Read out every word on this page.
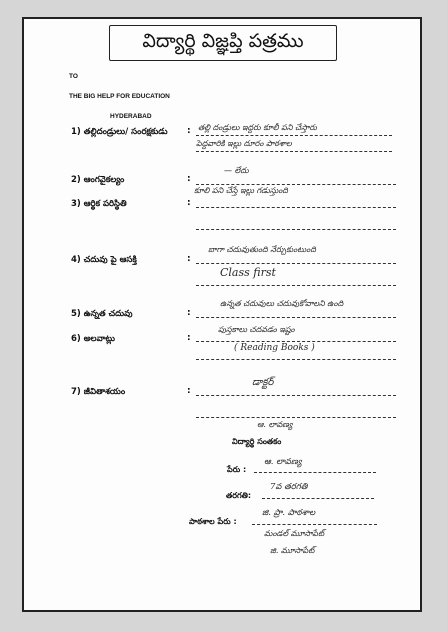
విద్యార్థి విజ్ఞప్తి పత్రము
TO
THE BIG HELP FOR EDUCATION
HYDERABAD
1) తల్లిదండ్రులు/ సంరక్షకుడు : తల్లి దండ్రులు ఇద్దరు కూలీ పని చేస్తారు
పెద్దవారికి ఇల్లు దూరం పాఠశాల
2) ఆంగవైకల్యం	:
— లేదు
3) ఆర్థిక పరిస్థితి	:
కూలి పని చేస్తే ఇల్లు గడుస్తుంది
4) చదువు పై ఆసక్తి	:
బాగా చదువుతుంది నేర్చుకుంటుంది
Class first
5) ఉన్నత చదువు	:
ఉన్నత చదువులు చదువుకోవాలని ఉంది
6) అలవాట్లు	:
పుస్తకాలు చదవడం ఇష్టం
( Reading Books )
7) జీవితాశయం	:
డాక్టర్
ఆ. లావణ్య
విద్యార్థి సంతకం
పేరు :
ఆ. లావణ్య
తరగతి:
7వ తరగతి
పాఠశాల పేరు :
జి. ప్రా. పాఠశాల
మండల్ మూసాపేట్
జి. మూసాపేట్
